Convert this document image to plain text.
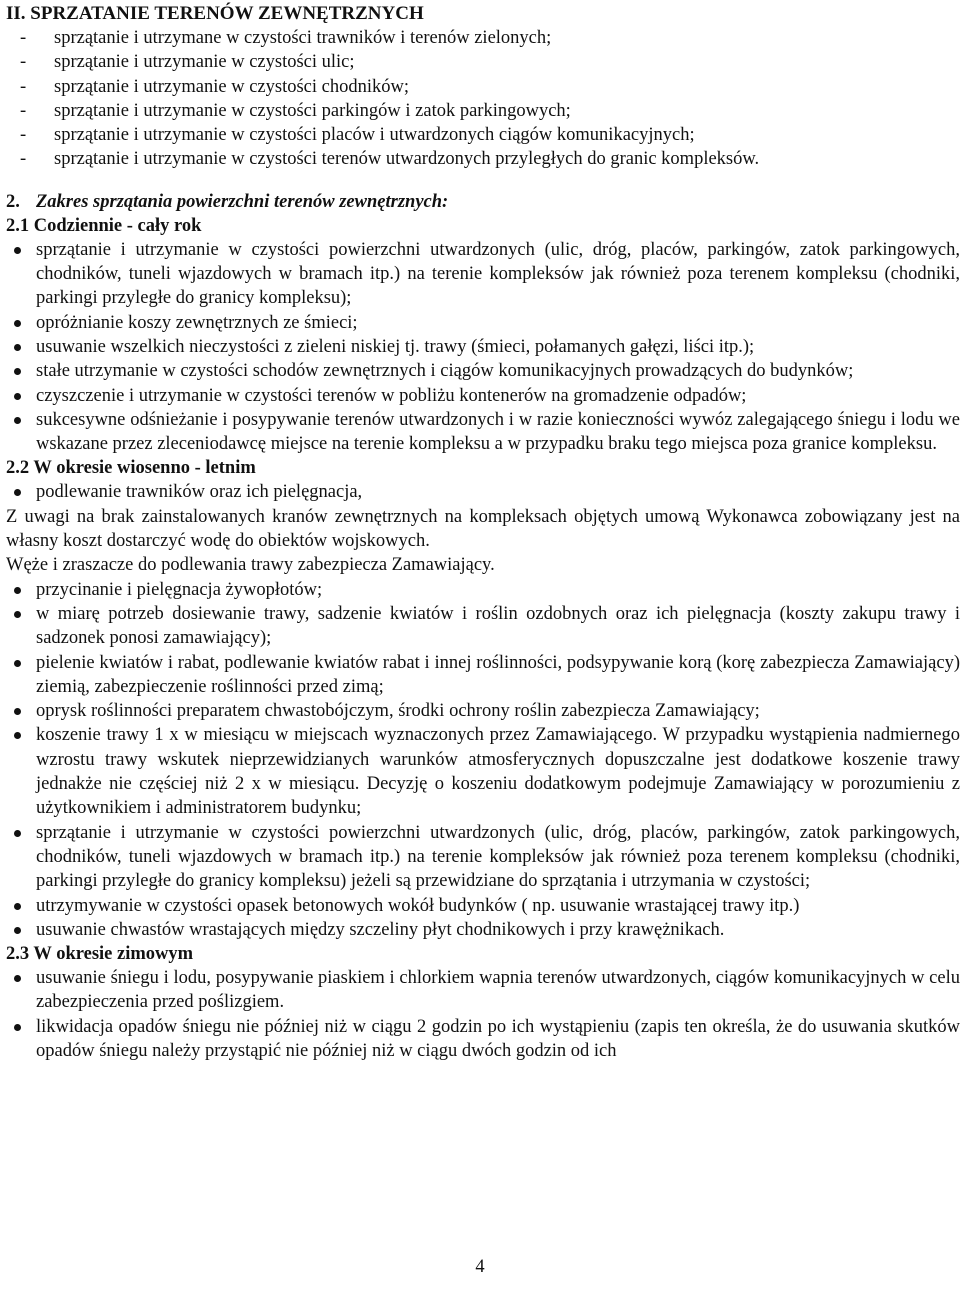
II. SPRZATANIE TERENÓW ZEWNĘTRZNYCH
- sprzątanie i utrzymane w czystości trawników i terenów zielonych;
- sprzątanie i utrzymanie w czystości ulic;
- sprzątanie i utrzymanie w czystości chodników;
- sprzątanie i utrzymanie w czystości parkingów i zatok parkingowych;
- sprzątanie i utrzymanie w czystości placów i utwardzonych ciągów komunikacyjnych;
- sprzątanie i utrzymanie w czystości terenów utwardzonych przyległych do granic kompleksów.
2. Zakres sprzątania powierzchni terenów zewnętrznych:
2.1 Codziennie - cały rok
sprzątanie i utrzymanie w czystości powierzchni utwardzonych (ulic, dróg, placów, parkingów, zatok parkingowych, chodników, tuneli wjazdowych w bramach itp.) na terenie kompleksów jak również poza terenem kompleksu (chodniki, parkingi przyległe do granicy kompleksu);
opróżnianie koszy zewnętrznych ze śmieci;
usuwanie wszelkich nieczystości z zieleni niskiej tj. trawy (śmieci, połamanych gałęzi, liści itp.);
stałe utrzymanie w czystości schodów zewnętrznych i ciągów komunikacyjnych prowadzących do budynków;
czyszczenie i utrzymanie w czystości terenów w pobliżu kontenerów na gromadzenie odpadów;
sukcesywne odśnieżanie i posypywanie terenów utwardzonych i w razie konieczności wywóz zalegającego śniegu i lodu we wskazane przez zleceniodawcę miejsce na terenie kompleksu a w przypadku braku tego miejsca poza granice kompleksu.
2.2 W okresie wiosenno - letnim
podlewanie trawników oraz ich pielęgnacja,
Z uwagi na brak zainstalowanych kranów zewnętrznych na kompleksach objętych umową Wykonawca zobowiązany jest na własny koszt dostarczyć wodę do obiektów wojskowych.
Węże i zraszacze do podlewania trawy zabezpiecza Zamawiający.
przycinanie i pielęgnacja żywopłotów;
w miarę potrzeb dosiewanie trawy, sadzenie kwiatów i roślin ozdobnych oraz ich pielęgnacja (koszty zakupu trawy i sadzonek ponosi zamawiający);
pielenie kwiatów i rabat, podlewanie kwiatów rabat i innej roślinności, podsypywanie korą (korę zabezpiecza Zamawiający) ziemią, zabezpieczenie roślinności przed zimą;
oprysk roślinności preparatem chwastobójczym, środki ochrony roślin zabezpiecza Zamawiający;
koszenie trawy 1 x w miesiącu w miejscach wyznaczonych przez Zamawiającego. W przypadku wystąpienia nadmiernego wzrostu trawy wskutek nieprzewidzianych warunków atmosferycznych dopuszczalne jest dodatkowe koszenie trawy jednakże nie częściej niż 2 x w miesiącu. Decyzję o koszeniu dodatkowym podejmuje Zamawiający w porozumieniu z użytkownikiem i administratorem budynku;
sprzątanie i utrzymanie w czystości powierzchni utwardzonych (ulic, dróg, placów, parkingów, zatok parkingowych, chodników, tuneli wjazdowych w bramach itp.) na terenie kompleksów jak również poza terenem kompleksu (chodniki, parkingi przyległe do granicy kompleksu) jeżeli są przewidziane do sprzątania i utrzymania w czystości;
utrzymywanie w czystości opasek betonowych wokół budynków ( np. usuwanie wrastającej trawy itp.)
usuwanie chwastów wrastających między szczeliny płyt chodnikowych i przy krawężnikach.
2.3 W okresie zimowym
usuwanie śniegu i lodu, posypywanie piaskiem i chlorkiem wapnia terenów utwardzonych, ciągów komunikacyjnych w celu zabezpieczenia przed poślizgiem.
likwidacja opadów śniegu nie później niż w ciągu 2 godzin po ich wystąpieniu (zapis ten określa, że do usuwania skutków opadów śniegu należy przystąpić nie później niż w ciągu dwóch godzin od ich
4
